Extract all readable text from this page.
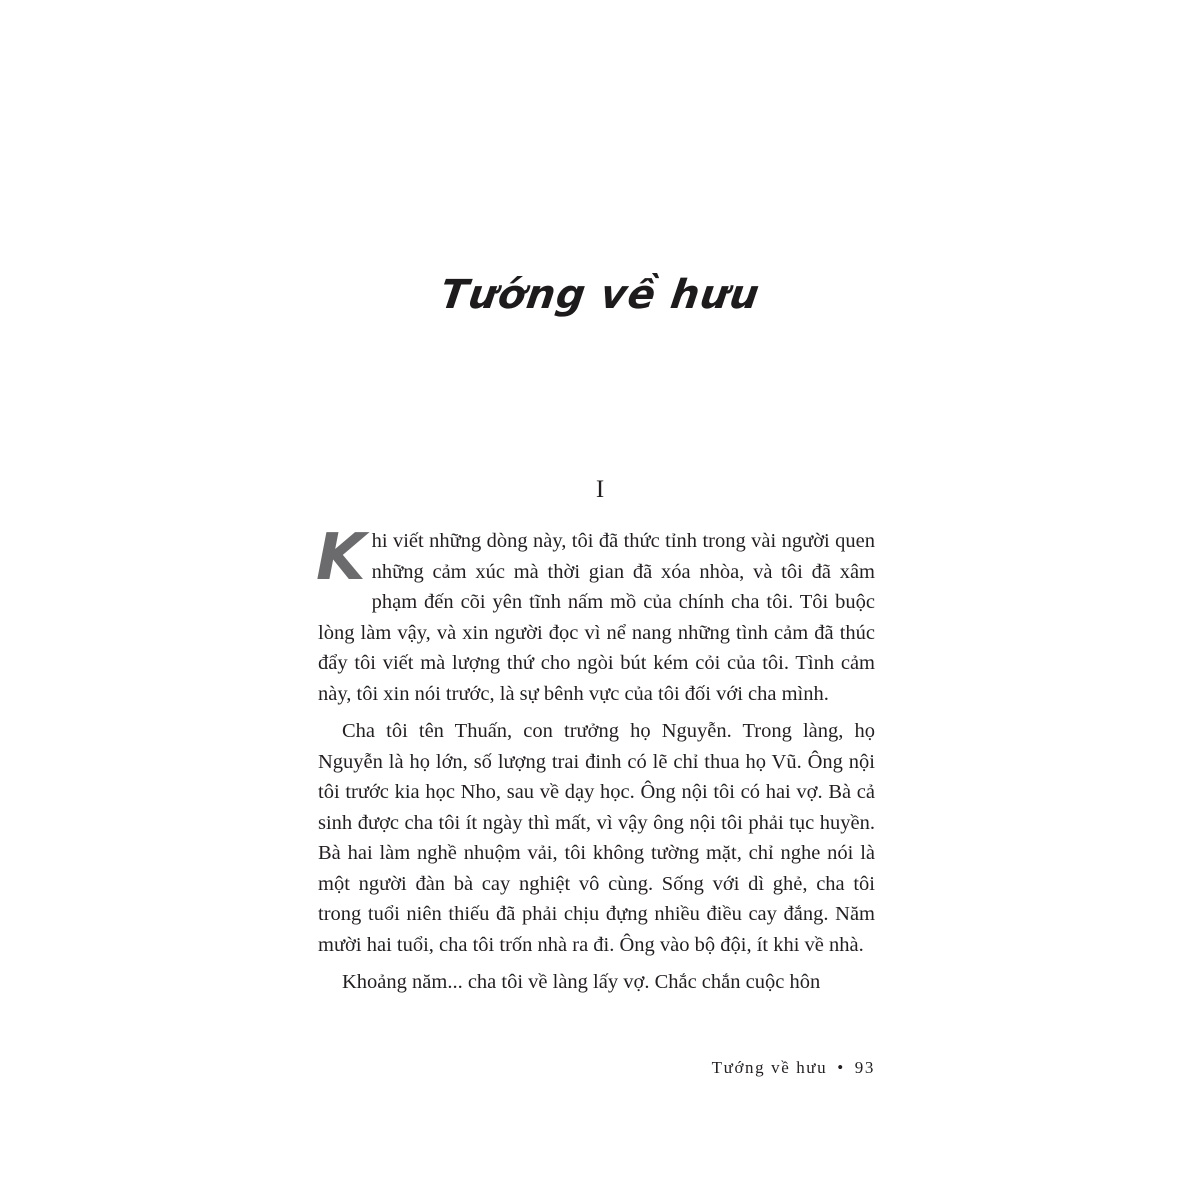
Tướng về hưu
I

Khi viết những dòng này, tôi đã thức tỉnh trong vài người quen những cảm xúc mà thời gian đã xóa nhòa, và tôi đã xâm phạm đến cõi yên tĩnh nấm mồ của chính cha tôi. Tôi buộc lòng làm vậy, và xin người đọc vì nể nang những tình cảm đã thúc đẩy tôi viết mà lượng thứ cho ngòi bút kém cỏi của tôi. Tình cảm này, tôi xin nói trước, là sự bênh vực của tôi đối với cha mình.

Cha tôi tên Thuấn, con trưởng họ Nguyễn. Trong làng, họ Nguyễn là họ lớn, số lượng trai đinh có lẽ chỉ thua họ Vũ. Ông nội tôi trước kia học Nho, sau về dạy học. Ông nội tôi có hai vợ. Bà cả sinh được cha tôi ít ngày thì mất, vì vậy ông nội tôi phải tục huyền. Bà hai làm nghề nhuộm vải, tôi không tường mặt, chỉ nghe nói là một người đàn bà cay nghiệt vô cùng. Sống với dì ghẻ, cha tôi trong tuổi niên thiếu đã phải chịu đựng nhiều điều cay đắng. Năm mười hai tuổi, cha tôi trốn nhà ra đi. Ông vào bộ đội, ít khi về nhà.

Khoảng năm... cha tôi về làng lấy vợ. Chắc chắn cuộc hôn

Tướng về hưu • 93
